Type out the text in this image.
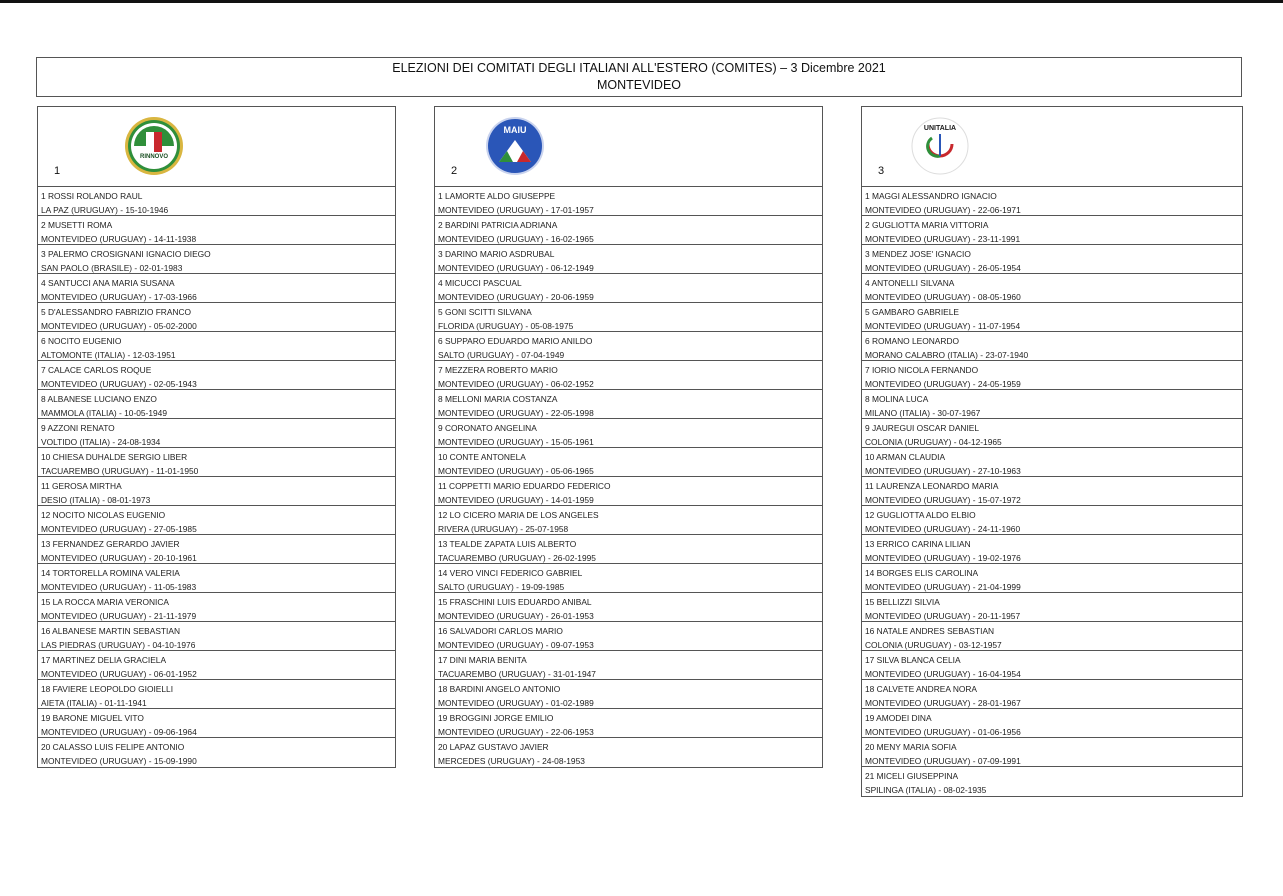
ELEZIONI DEI COMITATI DEGLI ITALIANI ALL'ESTERO (COMITES) – 3 Dicembre 2021
MONTEVIDEO
RINNOVO
1
1 ROSSI ROLANDO RAUL
LA PAZ (URUGUAY) - 15-10-1946
2 MUSETTI ROMA
MONTEVIDEO (URUGUAY) - 14-11-1938
3 PALERMO CROSIGNANI IGNACIO DIEGO
SAN PAOLO (BRASILE) - 02-01-1983
4 SANTUCCI ANA MARIA SUSANA
MONTEVIDEO (URUGUAY) - 17-03-1966
5 D'ALESSANDRO FABRIZIO FRANCO
MONTEVIDEO (URUGUAY) - 05-02-2000
6 NOCITO EUGENIO
ALTOMONTE (ITALIA) - 12-03-1951
7 CALACE CARLOS ROQUE
MONTEVIDEO (URUGUAY) - 02-05-1943
8 ALBANESE LUCIANO ENZO
MAMMOLA (ITALIA) - 10-05-1949
9 AZZONI RENATO
VOLTIDO (ITALIA) - 24-08-1934
10 CHIESA DUHALDE SERGIO LIBER
TACUAREMBO (URUGUAY) - 11-01-1950
11 GEROSA MIRTHA
DESIO (ITALIA) - 08-01-1973
12 NOCITO NICOLAS EUGENIO
MONTEVIDEO (URUGUAY) - 27-05-1985
13 FERNANDEZ GERARDO JAVIER
MONTEVIDEO (URUGUAY) - 20-10-1961
14 TORTORELLA ROMINA VALERIA
MONTEVIDEO (URUGUAY) - 11-05-1983
15 LA ROCCA MARIA VERONICA
MONTEVIDEO (URUGUAY) - 21-11-1979
16 ALBANESE MARTIN SEBASTIAN
LAS PIEDRAS (URUGUAY) - 04-10-1976
17 MARTINEZ DELIA GRACIELA
MONTEVIDEO (URUGUAY) - 06-01-1952
18 FAVIERE LEOPOLDO GIOIELLI
AIETA (ITALIA) - 01-11-1941
19 BARONE MIGUEL VITO
MONTEVIDEO (URUGUAY) - 09-06-1964
20 CALASSO LUIS FELIPE ANTONIO
MONTEVIDEO (URUGUAY) - 15-09-1990
MAIU
2
1 LAMORTE ALDO GIUSEPPE
MONTEVIDEO (URUGUAY) - 17-01-1957
2 BARDINI PATRICIA ADRIANA
MONTEVIDEO (URUGUAY) - 16-02-1965
3 DARINO MARIO ASDRUBAL
MONTEVIDEO (URUGUAY) - 06-12-1949
4 MICUCCI PASCUAL
MONTEVIDEO (URUGUAY) - 20-06-1959
5 GONI SCITTI SILVANA
FLORIDA (URUGUAY) - 05-08-1975
6 SUPPARO EDUARDO MARIO ANILDO
SALTO (URUGUAY) - 07-04-1949
7 MEZZERA ROBERTO MARIO
MONTEVIDEO (URUGUAY) - 06-02-1952
8 MELLONI MARIA COSTANZA
MONTEVIDEO (URUGUAY) - 22-05-1998
9 CORONATO ANGELINA
MONTEVIDEO (URUGUAY) - 15-05-1961
10 CONTE ANTONELA
MONTEVIDEO (URUGUAY) - 05-06-1965
11 COPPETTI MARIO EDUARDO FEDERICO
MONTEVIDEO (URUGUAY) - 14-01-1959
12 LO CICERO MARIA DE LOS ANGELES
RIVERA (URUGUAY) - 25-07-1958
13 TEALDE ZAPATA LUIS ALBERTO
TACUAREMBO (URUGUAY) - 26-02-1995
14 VERO VINCI FEDERICO GABRIEL
SALTO (URUGUAY) - 19-09-1985
15 FRASCHINI LUIS EDUARDO ANIBAL
MONTEVIDEO (URUGUAY) - 26-01-1953
16 SALVADORI CARLOS MARIO
MONTEVIDEO (URUGUAY) - 09-07-1953
17 DINI MARIA BENITA
TACUAREMBO (URUGUAY) - 31-01-1947
18 BARDINI ANGELO ANTONIO
MONTEVIDEO (URUGUAY) - 01-02-1989
19 BROGGINI JORGE EMILIO
MONTEVIDEO (URUGUAY) - 22-06-1953
20 LAPAZ GUSTAVO JAVIER
MERCEDES (URUGUAY) - 24-08-1953
UNITALIA
3
1 MAGGI ALESSANDRO IGNACIO
MONTEVIDEO (URUGUAY) - 22-06-1971
2 GUGLIOTTA MARIA VITTORIA
MONTEVIDEO (URUGUAY) - 23-11-1991
3 MENDEZ JOSE' IGNACIO
MONTEVIDEO (URUGUAY) - 26-05-1954
4 ANTONELLI SILVANA
MONTEVIDEO (URUGUAY) - 08-05-1960
5 GAMBARO GABRIELE
MONTEVIDEO (URUGUAY) - 11-07-1954
6 ROMANO LEONARDO
MORANO CALABRO (ITALIA) - 23-07-1940
7 IORIO NICOLA FERNANDO
MONTEVIDEO (URUGUAY) - 24-05-1959
8 MOLINA LUCA
MILANO (ITALIA) - 30-07-1967
9 JAUREGUI OSCAR DANIEL
COLONIA (URUGUAY) - 04-12-1965
10 ARMAN CLAUDIA
MONTEVIDEO (URUGUAY) - 27-10-1963
11 LAURENZA LEONARDO MARIA
MONTEVIDEO (URUGUAY) - 15-07-1972
12 GUGLIOTTA ALDO ELBIO
MONTEVIDEO (URUGUAY) - 24-11-1960
13 ERRICO CARINA LILIAN
MONTEVIDEO (URUGUAY) - 19-02-1976
14 BORGES ELIS CAROLINA
MONTEVIDEO (URUGUAY) - 21-04-1999
15 BELLIZZI SILVIA
MONTEVIDEO (URUGUAY) - 20-11-1957
16 NATALE ANDRES SEBASTIAN
COLONIA (URUGUAY) - 03-12-1957
17 SILVA BLANCA CELIA
MONTEVIDEO (URUGUAY) - 16-04-1954
18 CALVETE ANDREA NORA
MONTEVIDEO (URUGUAY) - 28-01-1967
19 AMODEI DINA
MONTEVIDEO (URUGUAY) - 01-06-1956
20 MENY MARIA SOFIA
MONTEVIDEO (URUGUAY) - 07-09-1991
21 MICELI GIUSEPPINA
SPILINGA (ITALIA) - 08-02-1935
